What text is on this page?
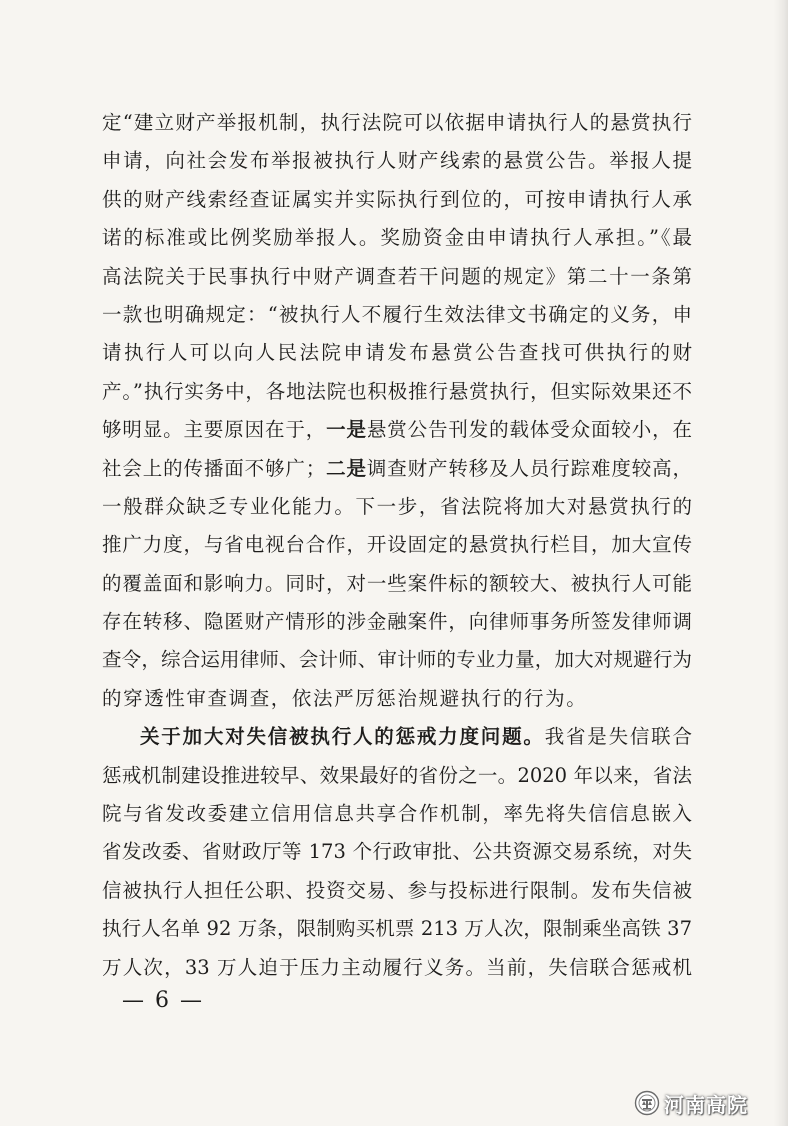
定“建立财产举报机制，执行法院可以依据申请执行人的悬赏执行
申请，向社会发布举报被执行人财产线索的悬赏公告。举报人提
供的财产线索经查证属实并实际执行到位的，可按申请执行人承
诺的标准或比例奖励举报人。奖励资金由申请执行人承担。”《最
高法院关于民事执行中财产调查若干问题的规定》第二十一条第
一款也明确规定：“被执行人不履行生效法律文书确定的义务，申
请执行人可以向人民法院申请发布悬赏公告查找可供执行的财
产。”执行实务中，各地法院也积极推行悬赏执行，但实际效果还不
够明显。主要原因在于，一是悬赏公告刊发的载体受众面较小，在
社会上的传播面不够广；二是调查财产转移及人员行踪难度较高，
一般群众缺乏专业化能力。下一步，省法院将加大对悬赏执行的
推广力度，与省电视台合作，开设固定的悬赏执行栏目，加大宣传
的覆盖面和影响力。同时，对一些案件标的额较大、被执行人可能
存在转移、隐匿财产情形的涉金融案件，向律师事务所签发律师调
查令，综合运用律师、会计师、审计师的专业力量，加大对规避行为
的穿透性审查调查，依法严厉惩治规避执行的行为。
关于加大对失信被执行人的惩戒力度问题。我省是失信联合
惩戒机制建设推进较早、效果最好的省份之一。2020 年以来，省法
院与省发改委建立信用信息共享合作机制，率先将失信信息嵌入
省发改委、省财政厅等 173 个行政审批、公共资源交易系统，对失
信被执行人担任公职、投资交易、参与投标进行限制。发布失信被
执行人名单 92 万条，限制购买机票 213 万人次，限制乘坐高铁 37
万人次，33 万人迫于压力主动履行义务。当前，失信联合惩戒机
— 6 —
河南高院
